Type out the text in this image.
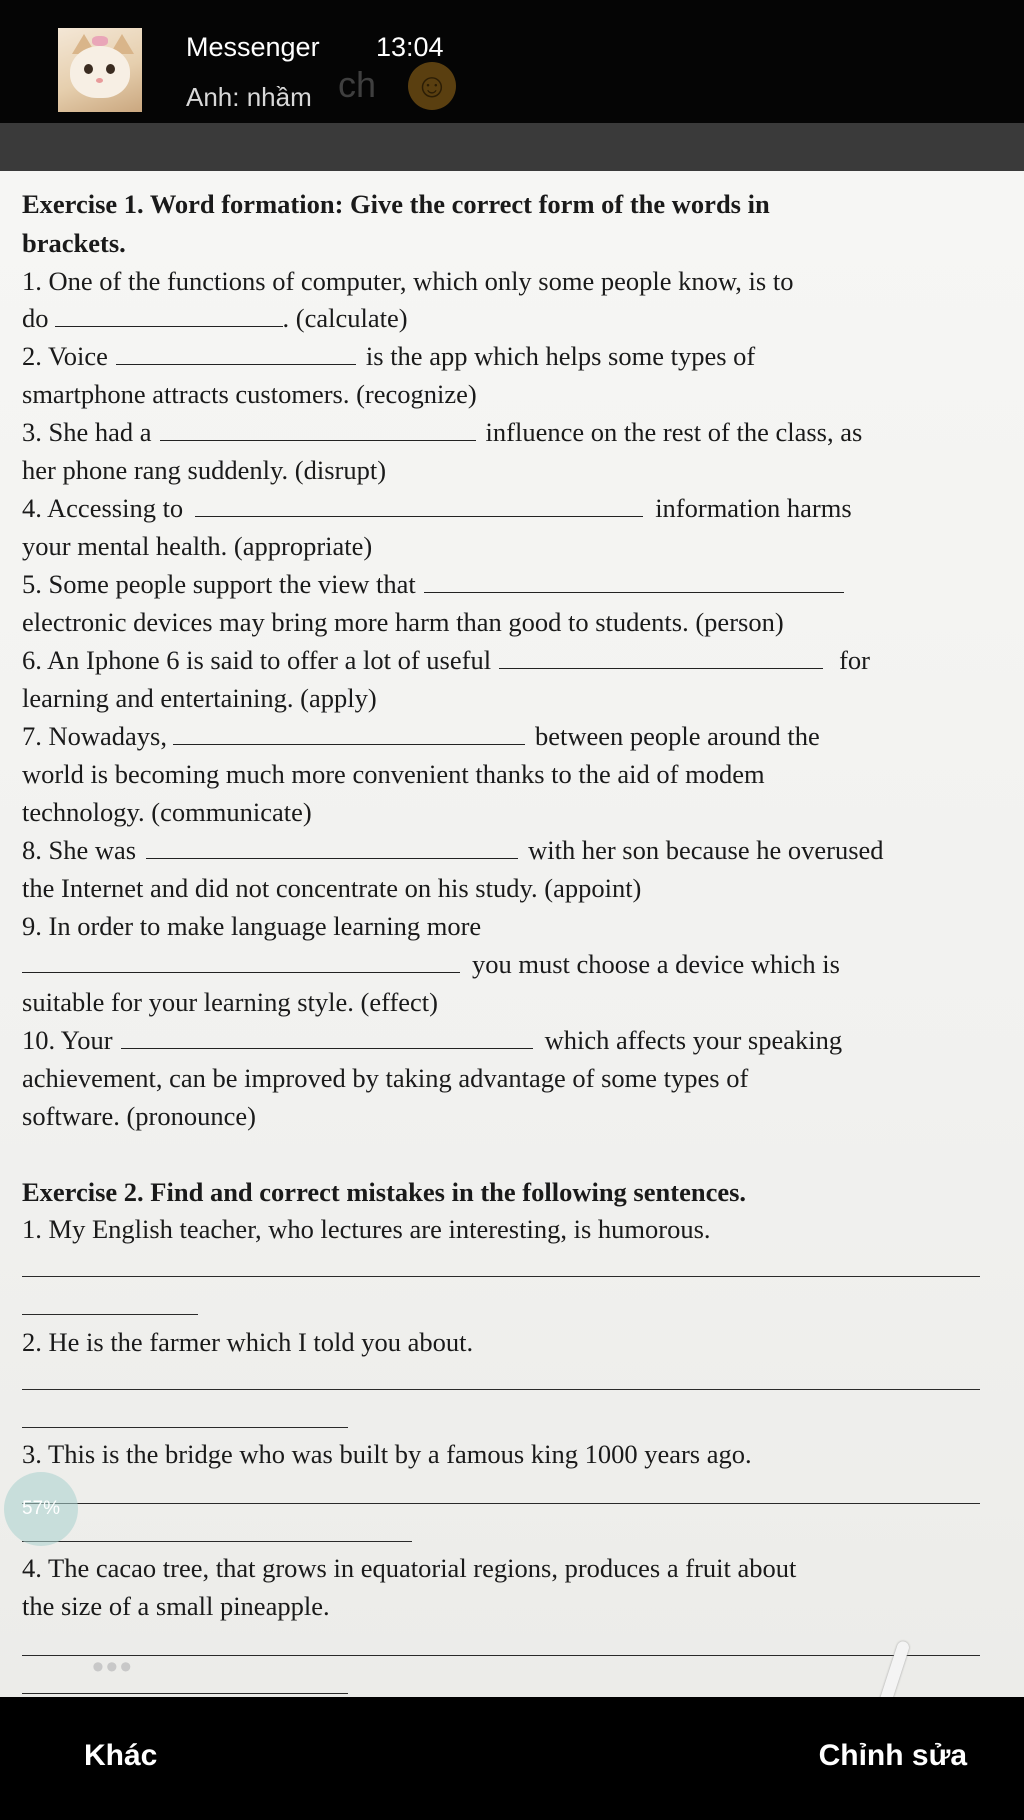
Messenger 13:04
ch
Anh: nhầm	☺
Exercise 1. Word formation: Give the correct form of the words in
brackets.
1. One of the functions of computer, which only some people know, is to
do	. (calculate)
2. Voice	is the app which helps some types of
smartphone attracts customers. (recognize)
3. She had a	influence on the rest of the class, as
her phone rang suddenly. (disrupt)
4. Accessing to	information harms
your mental health. (appropriate)
5. Some people support the view that
electronic devices may bring more harm than good to students. (person)
6. An Iphone 6 is said to offer a lot of useful	for
learning and entertaining. (apply)
7. Nowadays,	between people around the
world is becoming much more convenient thanks to the aid of modem
technology. (communicate)
8. She was	with her son because he overused
the Internet and did not concentrate on his study. (appoint)
9. In order to make language learning more
you must choose a device which is
suitable for your learning style. (effect)
10. Your	which affects your speaking
achievement, can be improved by taking advantage of some types of
software. (pronounce)
Exercise 2. Find and correct mistakes in the following sentences.
1. My English teacher, who lectures are interesting, is humorous.
2. He is the farmer which I told you about.
3. This is the bridge who was built by a famous king 1000 years ago.
4. The cacao tree, that grows in equatorial regions, produces a fruit about
the size of a small pineapple.
57%
•••
Khác	Chỉnh sửa
